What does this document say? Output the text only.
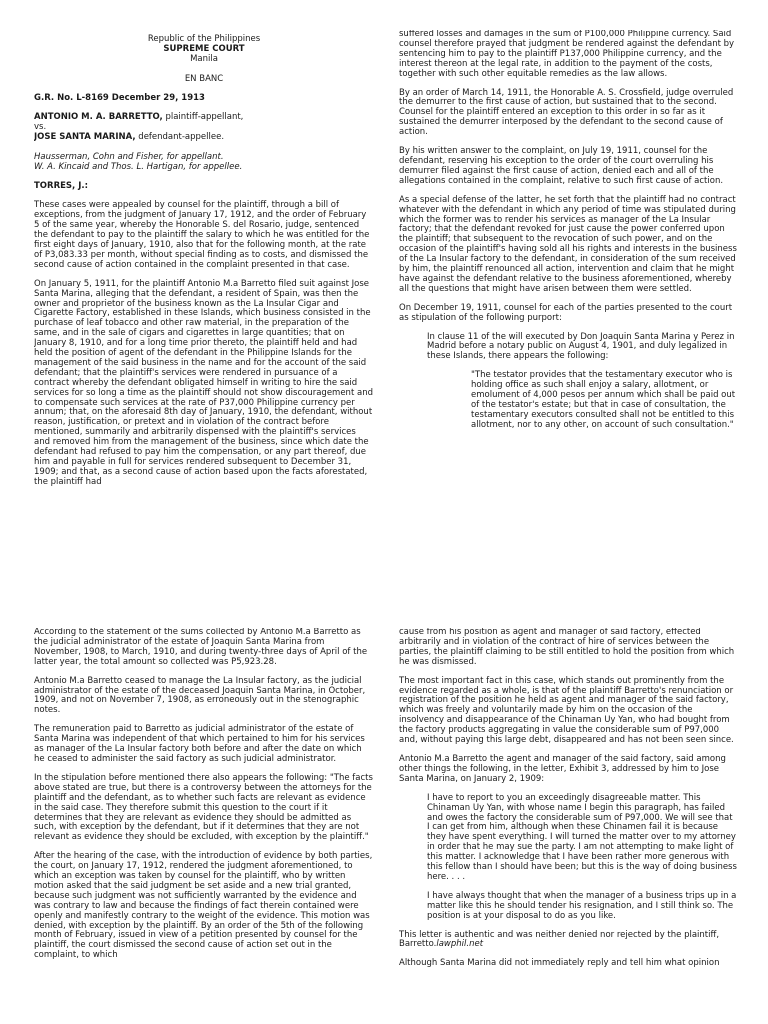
Republic of the Philippines
SUPREME COURT
Manila
EN BANC

G.R. No. L-8169 December 29, 1913

ANTONIO M. A. BARRETTO, plaintiff-appellant,
vs.
JOSE SANTA MARINA, defendant-appellee.

Hausserman, Cohn and Fisher, for appellant.
W. A. Kincaid and Thos. L. Hartigan, for appellee.

TORRES, J.:

These cases were appealed by counsel for the plaintiff, through a bill of exceptions, from the judgment of January 17, 1912, and the order of February 5 of the same year, whereby the Honorable S. del Rosario, judge, sentenced the defendant to pay to the plaintiff the salary to which he was entitled for the first eight days of January, 1910, also that for the following month, at the rate of P3,083.33 per month, without special finding as to costs, and dismissed the second cause of action contained in the complaint presented in that case.

On January 5, 1911, for the plaintiff Antonio M.a Barretto filed suit against Jose Santa Marina, alleging that the defendant, a resident of Spain, was then the owner and proprietor of the business known as the La Insular Cigar and Cigarette Factory, established in these Islands, which business consisted in the purchase of leaf tobacco and other raw material, in the preparation of the same, and in the sale of cigars and cigarettes in large quantities; that on January 8, 1910, and for a long time prior thereto, the plaintiff held and had held the position of agent of the defendant in the Philippine Islands for the management of the said business in the name and for the account of the said defendant; that the plaintiff's services were rendered in pursuance of a contract whereby the defendant obligated himself in writing to hire the said services for so long a time as the plaintiff should not show discouragement and to compensate such services at the rate of P37,000 Philippine currency per annum; that, on the aforesaid 8th day of January, 1910, the defendant, without reason, justification, or pretext and in violation of the contract before mentioned, summarily and arbitrarily dispensed with the plaintiff's services and removed him from the management of the business, since which date the defendant had refused to pay him the compensation, or any part thereof, due him and payable in full for services rendered subsequent to December 31, 1909; and that, as a second cause of action based upon the facts aforestated, the plaintiff had

suffered losses and damages in the sum of P100,000 Philippine currency. Said counsel therefore prayed that judgment be rendered against the defendant by sentencing him to pay to the plaintiff P137,000 Philippine currency, and the interest thereon at the legal rate, in addition to the payment of the costs, together with such other equitable remedies as the law allows.

By an order of March 14, 1911, the Honorable A. S. Crossfield, judge overruled the demurrer to the first cause of action, but sustained that to the second. Counsel for the plaintiff entered an exception to this order in so far as it sustained the demurrer interposed by the defendant to the second cause of action.

By his written answer to the complaint, on July 19, 1911, counsel for the defendant, reserving his exception to the order of the court overruling his demurrer filed against the first cause of action, denied each and all of the allegations contained in the complaint, relative to such first cause of action.

As a special defense of the latter, he set forth that the plaintiff had no contract whatever with the defendant in which any period of time was stipulated during which the former was to render his services as manager of the La Insular factory; that the defendant revoked for just cause the power conferred upon the plaintiff; that subsequent to the revocation of such power, and on the occasion of the plaintiff's having sold all his rights and interests in the business of the La Insular factory to the defendant, in consideration of the sum received by him, the plaintiff renounced all action, intervention and claim that he might have against the defendant relative to the business aforementioned, whereby all the questions that might have arisen between them were settled.

On December 19, 1911, counsel for each of the parties presented to the court as stipulation of the following purport:

In clause 11 of the will executed by Don Joaquin Santa Marina y Perez in Madrid before a notary public on August 4, 1901, and duly legalized in these Islands, there appears the following:

"The testator provides that the testamentary executor who is holding office as such shall enjoy a salary, allotment, or emolument of 4,000 pesos per annum which shall be paid out of the testator's estate; but that in case of consultation, the testamentary executors consulted shall not be entitled to this allotment, nor to any other, on account of such consultation."

According to the statement of the sums collected by Antonio M.a Barretto as the judicial administrator of the estate of Joaquin Santa Marina from November, 1908, to March, 1910, and during twenty-three days of April of the latter year, the total amount so collected was P5,923.28.

Antonio M.a Barretto ceased to manage the La Insular factory, as the judicial administrator of the estate of the deceased Joaquin Santa Marina, in October, 1909, and not on November 7, 1908, as erroneously out in the stenographic notes.

The remuneration paid to Barretto as judicial administrator of the estate of Santa Marina was independent of that which pertained to him for his services as manager of the La Insular factory both before and after the date on which he ceased to administer the said factory as such judicial administrator.

In the stipulation before mentioned there also appears the following: "The facts above stated are true, but there is a controversy between the attorneys for the plaintiff and the defendant, as to whether such facts are relevant as evidence in the said case. They therefore submit this question to the court if it determines that they are relevant as evidence they should be admitted as such, with exception by the defendant, but if it determines that they are not relevant as evidence they should be excluded, with exception by the plaintiff."

After the hearing of the case, with the introduction of evidence by both parties, the court, on January 17, 1912, rendered the judgment aforementioned, to which an exception was taken by counsel for the plaintiff, who by written motion asked that the said judgment be set aside and a new trial granted, because such judgment was not sufficiently warranted by the evidence and was contrary to law and because the findings of fact therein contained were openly and manifestly contrary to the weight of the evidence. This motion was denied, with exception by the plaintiff. By an order of the 5th of the following month of February, issued in view of a petition presented by counsel for the plaintiff, the court dismissed the second cause of action set out in the complaint, to which

cause from his position as agent and manager of said factory, effected arbitrarily and in violation of the contract of hire of services between the parties, the plaintiff claiming to be still entitled to hold the position from which he was dismissed.

The most important fact in this case, which stands out prominently from the evidence regarded as a whole, is that of the plaintiff Barretto's renunciation or registration of the position he held as agent and manager of the said factory, which was freely and voluntarily made by him on the occasion of the insolvency and disappearance of the Chinaman Uy Yan, who had bought from the factory products aggregating in value the considerable sum of P97,000 and, without paying this large debt, disappeared and has not been seen since.

Antonio M.a Barretto the agent and manager of the said factory, said among other things the following, in the letter, Exhibit 3, addressed by him to Jose Santa Marina, on January 2, 1909:

I have to report to you an exceedingly disagreeable matter. This Chinaman Uy Yan, with whose name I begin this paragraph, has failed and owes the factory the considerable sum of P97,000. We will see that I can get from him, although when these Chinamen fail it is because they have spent everything. I will turned the matter over to my attorney in order that he may sue the party. I am not attempting to make light of this matter. I acknowledge that I have been rather more generous with this fellow than I should have been; but this is the way of doing business here. . . .

I have always thought that when the manager of a business trips up in a matter like this he should tender his resignation, and I still think so. The position is at your disposal to do as you like.

This letter is authentic and was neither denied nor rejected by the plaintiff, Barretto.lawphil.net

Although Santa Marina did not immediately reply and tell him what opinion
